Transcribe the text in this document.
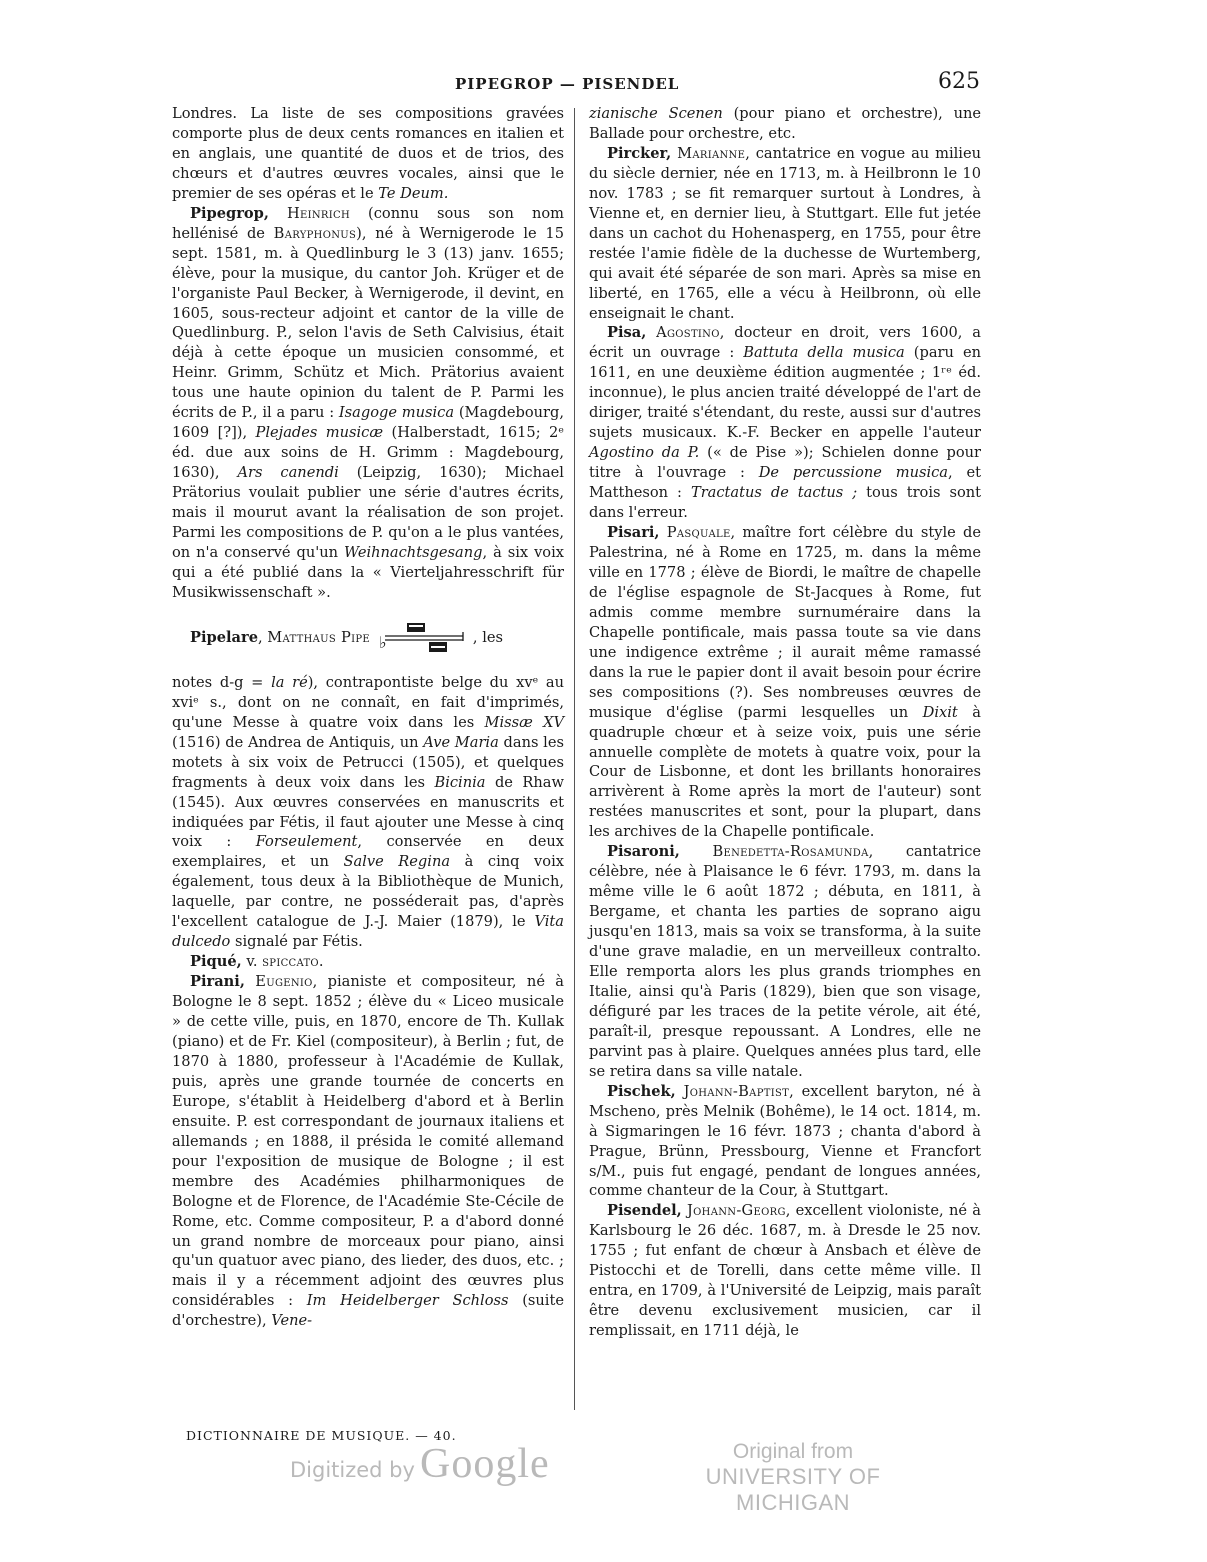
PIPEGROP — PISENDEL	625

Londres. La liste de ses compositions gravées comporte plus de deux cents romances en italien et en anglais, une quantité de duos et de trios, des chœurs et d'autres œuvres vocales, ainsi que le premier de ses opéras et le Te Deum.

Pipegrop, Heinrich (connu sous son nom hellénisé de Baryphonus), né à Wernigerode le 15 sept. 1581, m. à Quedlinburg le 3 (13) janv. 1655; élève, pour la musique, du cantor Joh. Krüger et de l'organiste Paul Becker, à Wernigerode, il devint, en 1605, sous-recteur adjoint et cantor de la ville de Quedlinburg. P., selon l'avis de Seth Calvisius, était déjà à cette époque un musicien consommé, et Heinr. Grimm, Schütz et Mich. Prätorius avaient tous une haute opinion du talent de P. Parmi les écrits de P., il a paru : Isagoge musica (Magdebourg, 1609 [?]), Plejades musicæ (Halberstadt, 1615; 2ᵉ éd. due aux soins de H. Grimm : Magdebourg, 1630), Ars canendi (Leipzig, 1630); Michael Prätorius voulait publier une série d'autres écrits, mais il mourut avant la réalisation de son projet. Parmi les compositions de P. qu'on a le plus vantées, on n'a conservé qu'un Weihnachtsgesang, à six voix qui a été publié dans la « Vierteljahresschrift für Musikwissenschaft ».

Pipelare, Matthaus Pipe ♭	, les

notes d-g = la ré), contrapontiste belge du xvᵉ au xviᵉ s., dont on ne connaît, en fait d'imprimés, qu'une Messe à quatre voix dans les Missæ XV (1516) de Andrea de Antiquis, un Ave Maria dans les motets à six voix de Petrucci (1505), et quelques fragments à deux voix dans les Bicinia de Rhaw (1545). Aux œuvres conservées en manuscrits et indiquées par Fétis, il faut ajouter une Messe à cinq voix : Forseulement, conservée en deux exemplaires, et un Salve Regina à cinq voix également, tous deux à la Bibliothèque de Munich, laquelle, par contre, ne posséderait pas, d'après l'excellent catalogue de J.-J. Maier (1879), le Vita dulcedo signalé par Fétis.

Piqué, v. spiccato.

Pirani, Eugenio, pianiste et compositeur, né à Bologne le 8 sept. 1852 ; élève du « Liceo musicale » de cette ville, puis, en 1870, encore de Th. Kullak (piano) et de Fr. Kiel (compositeur), à Berlin ; fut, de 1870 à 1880, professeur à l'Académie de Kullak, puis, après une grande tournée de concerts en Europe, s'établit à Heidelberg d'abord et à Berlin ensuite. P. est correspondant de journaux italiens et allemands ; en 1888, il présida le comité allemand pour l'exposition de musique de Bologne ; il est membre des Académies philharmoniques de Bologne et de Florence, de l'Académie Ste-Cécile de Rome, etc. Comme compositeur, P. a d'abord donné un grand nombre de morceaux pour piano, ainsi qu'un quatuor avec piano, des lieder, des duos, etc. ; mais il y a récemment adjoint des œuvres plus considérables : Im Heidelberger Schloss (suite d'orchestre), Vene-

zianische Scenen (pour piano et orchestre), une Ballade pour orchestre, etc.

Pircker, Marianne, cantatrice en vogue au milieu du siècle dernier, née en 1713, m. à Heilbronn le 10 nov. 1783 ; se fit remarquer surtout à Londres, à Vienne et, en dernier lieu, à Stuttgart. Elle fut jetée dans un cachot du Hohenasperg, en 1755, pour être restée l'amie fidèle de la duchesse de Wurtemberg, qui avait été séparée de son mari. Après sa mise en liberté, en 1765, elle a vécu à Heilbronn, où elle enseignait le chant.

Pisa, Agostino, docteur en droit, vers 1600, a écrit un ouvrage : Battuta della musica (paru en 1611, en une deuxième édition augmentée ; 1ʳᵉ éd. inconnue), le plus ancien traité développé de l'art de diriger, traité s'étendant, du reste, aussi sur d'autres sujets musicaux. K.-F. Becker en appelle l'auteur Agostino da P. (« de Pise »); Schielen donne pour titre à l'ouvrage : De percussione musica, et Mattheson : Tractatus de tactus ; tous trois sont dans l'erreur.

Pisari, Pasquale, maître fort célèbre du style de Palestrina, né à Rome en 1725, m. dans la même ville en 1778 ; élève de Biordi, le maître de chapelle de l'église espagnole de St-Jacques à Rome, fut admis comme membre surnuméraire dans la Chapelle pontificale, mais passa toute sa vie dans une indigence extrême ; il aurait même ramassé dans la rue le papier dont il avait besoin pour écrire ses compositions (?). Ses nombreuses œuvres de musique d'église (parmi lesquelles un Dixit à quadruple chœur et à seize voix, puis une série annuelle complète de motets à quatre voix, pour la Cour de Lisbonne, et dont les brillants honoraires arrivèrent à Rome après la mort de l'auteur) sont restées manuscrites et sont, pour la plupart, dans les archives de la Chapelle pontificale.

Pisaroni, Benedetta-Rosamunda, cantatrice célèbre, née à Plaisance le 6 févr. 1793, m. dans la même ville le 6 août 1872 ; débuta, en 1811, à Bergame, et chanta les parties de soprano aigu jusqu'en 1813, mais sa voix se transforma, à la suite d'une grave maladie, en un merveilleux contralto. Elle remporta alors les plus grands triomphes en Italie, ainsi qu'à Paris (1829), bien que son visage, défiguré par les traces de la petite vérole, ait été, paraît-il, presque repoussant. A Londres, elle ne parvint pas à plaire. Quelques années plus tard, elle se retira dans sa ville natale.

Pischek, Johann-Baptist, excellent baryton, né à Mscheno, près Melnik (Bohême), le 14 oct. 1814, m. à Sigmaringen le 16 févr. 1873 ; chanta d'abord à Prague, Brünn, Pressbourg, Vienne et Francfort s/M., puis fut engagé, pendant de longues années, comme chanteur de la Cour, à Stuttgart.

Pisendel, Johann-Georg, excellent violoniste, né à Karlsbourg le 26 déc. 1687, m. à Dresde le 25 nov. 1755 ; fut enfant de chœur à Ansbach et élève de Pistocchi et de Torelli, dans cette même ville. Il entra, en 1709, à l'Université de Leipzig, mais paraît être devenu exclusivement musicien, car il remplissait, en 1711 déjà, le

DICTIONNAIRE DE MUSIQUE. — 40.
Digitized by Google	Original from
UNIVERSITY OF MICHIGAN
